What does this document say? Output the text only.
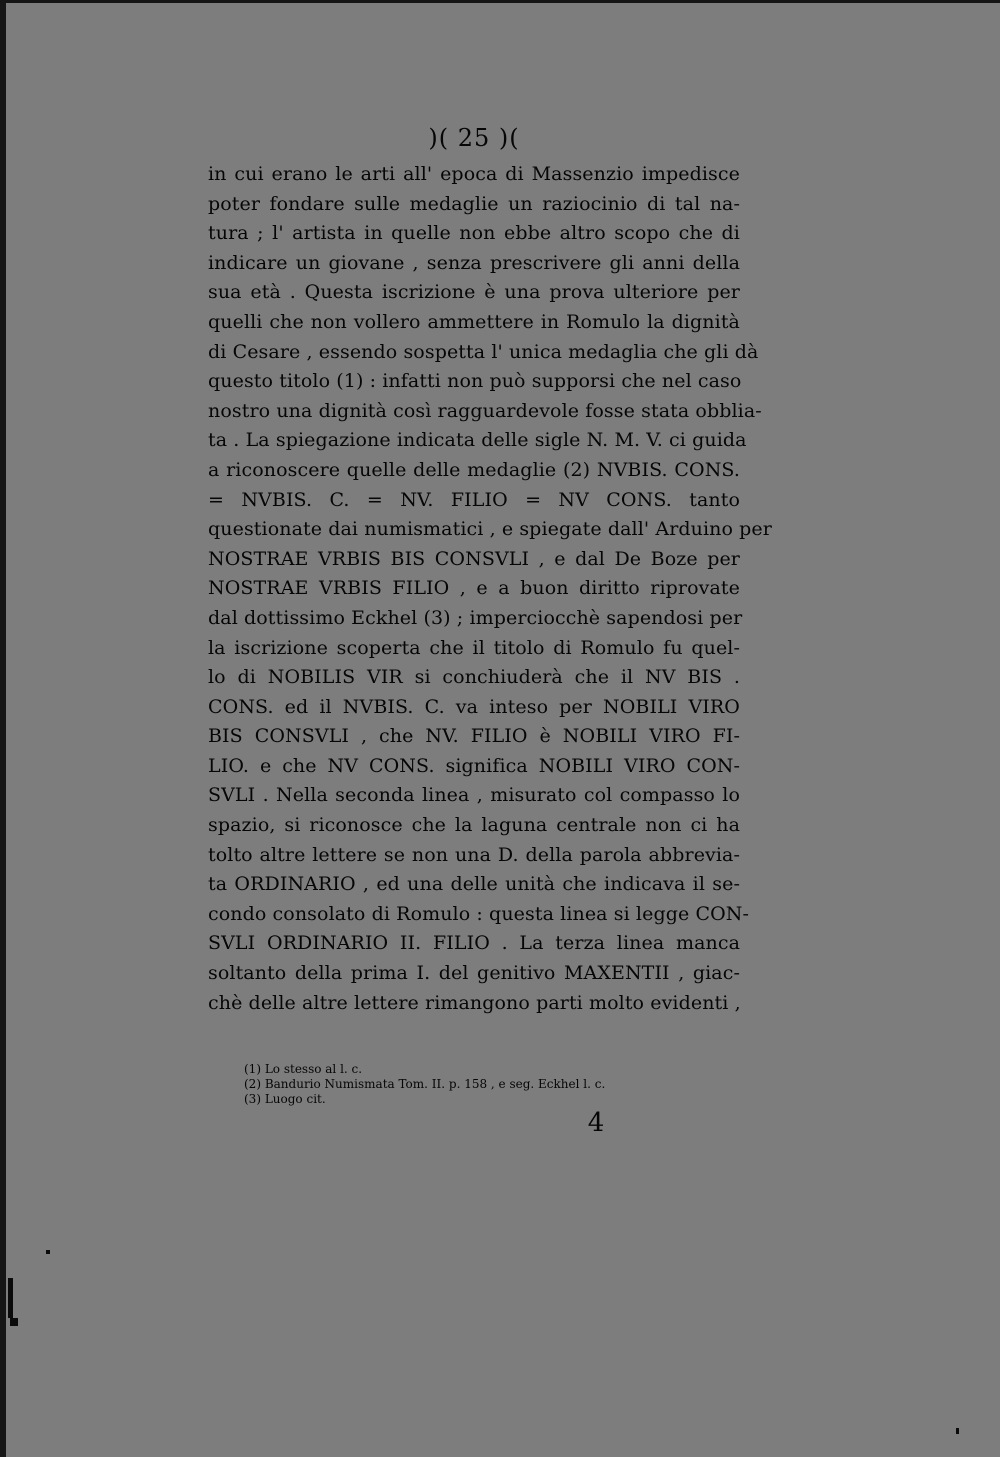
)( 25 )(
in cui erano le arti all' epoca di Massenzio impedisce
poter fondare sulle medaglie un raziocinio di tal na-
tura ; l' artista in quelle non ebbe altro scopo che di
indicare un giovane , senza prescrivere gli anni della
sua età . Questa iscrizione è una prova ulteriore per
quelli che non vollero ammettere in Romulo la dignità
di Cesare , essendo sospetta l' unica medaglia che gli dà
questo titolo (1) : infatti non può supporsi che nel caso
nostro una dignità così ragguardevole fosse stata obblia-
ta . La spiegazione indicata delle sigle N. M. V. ci guida
a riconoscere quelle delle medaglie (2) NVBIS. CONS.
= NVBIS. C. = NV. FILIO = NV CONS. tanto
questionate dai numismatici , e spiegate dall' Arduino per
NOSTRAE VRBIS BIS CONSVLI , e dal De Boze per
NOSTRAE VRBIS FILIO , e a buon diritto riprovate
dal dottissimo Eckhel (3) ; imperciocchè sapendosi per
la iscrizione scoperta che il titolo di Romulo fu quel-
lo di NOBILIS VIR si conchiuderà che il NV BIS .
CONS. ed il NVBIS. C. va inteso per NOBILI VIRO
BIS CONSVLI , che NV. FILIO è NOBILI VIRO FI-
LIO. e che NV CONS. significa NOBILI VIRO CON-
SVLI . Nella seconda linea , misurato col compasso lo
spazio, si riconosce che la laguna centrale non ci ha
tolto altre lettere se non una D. della parola abbrevia-
ta ORDINARIO , ed una delle unità che indicava il se-
condo consolato di Romulo : questa linea si legge CON-
SVLI ORDINARIO II. FILIO . La terza linea manca
soltanto della prima I. del genitivo MAXENTII , giac-
chè delle altre lettere rimangono parti molto evidenti ,
(1) Lo stesso al l. c.
(2) Bandurio Numismata Tom. II. p. 158 , e seg. Eckhel l. c.
(3) Luogo cit.
4
